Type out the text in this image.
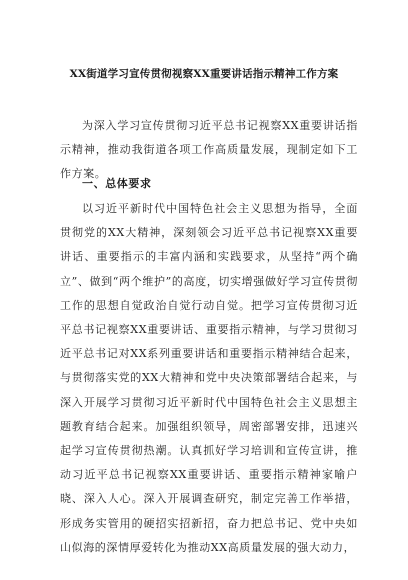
XX街道学习宣传贯彻视察XX重要讲话指示精神工作方案

为深入学习宣传贯彻习近平总书记视察XX重要讲话指示精神，推动我街道各项工作高质量发展，现制定如下工作方案。

一、总体要求

以习近平新时代中国特色社会主义思想为指导，全面贯彻党的XX大精神，深刻领会习近平总书记视察XX重要讲话、重要指示的丰富内涵和实践要求，从坚持“两个确立”、做到“两个维护”的高度，切实增强做好学习宣传贯彻工作的思想自觉政治自觉行动自觉。把学习宣传贯彻习近平总书记视察XX重要讲话、重要指示精神，与学习贯彻习近平总书记对XX系列重要讲话和重要指示精神结合起来，与贯彻落实党的XX大精神和党中央决策部署结合起来，与深入开展学习贯彻习近平新时代中国特色社会主义思想主题教育结合起来。加强组织领导，周密部署安排，迅速兴起学习宣传贯彻热潮。认真抓好学习培训和宣传宣讲，推动习近平总书记视察XX重要讲话、重要指示精神家喻户晓、深入人心。深入开展调查研究，制定完善工作举措，形成务实管用的硬招实招新招，奋力把总书记、党中央如山似海的深情厚爱转化为推动XX高质量发展的强大动力，
